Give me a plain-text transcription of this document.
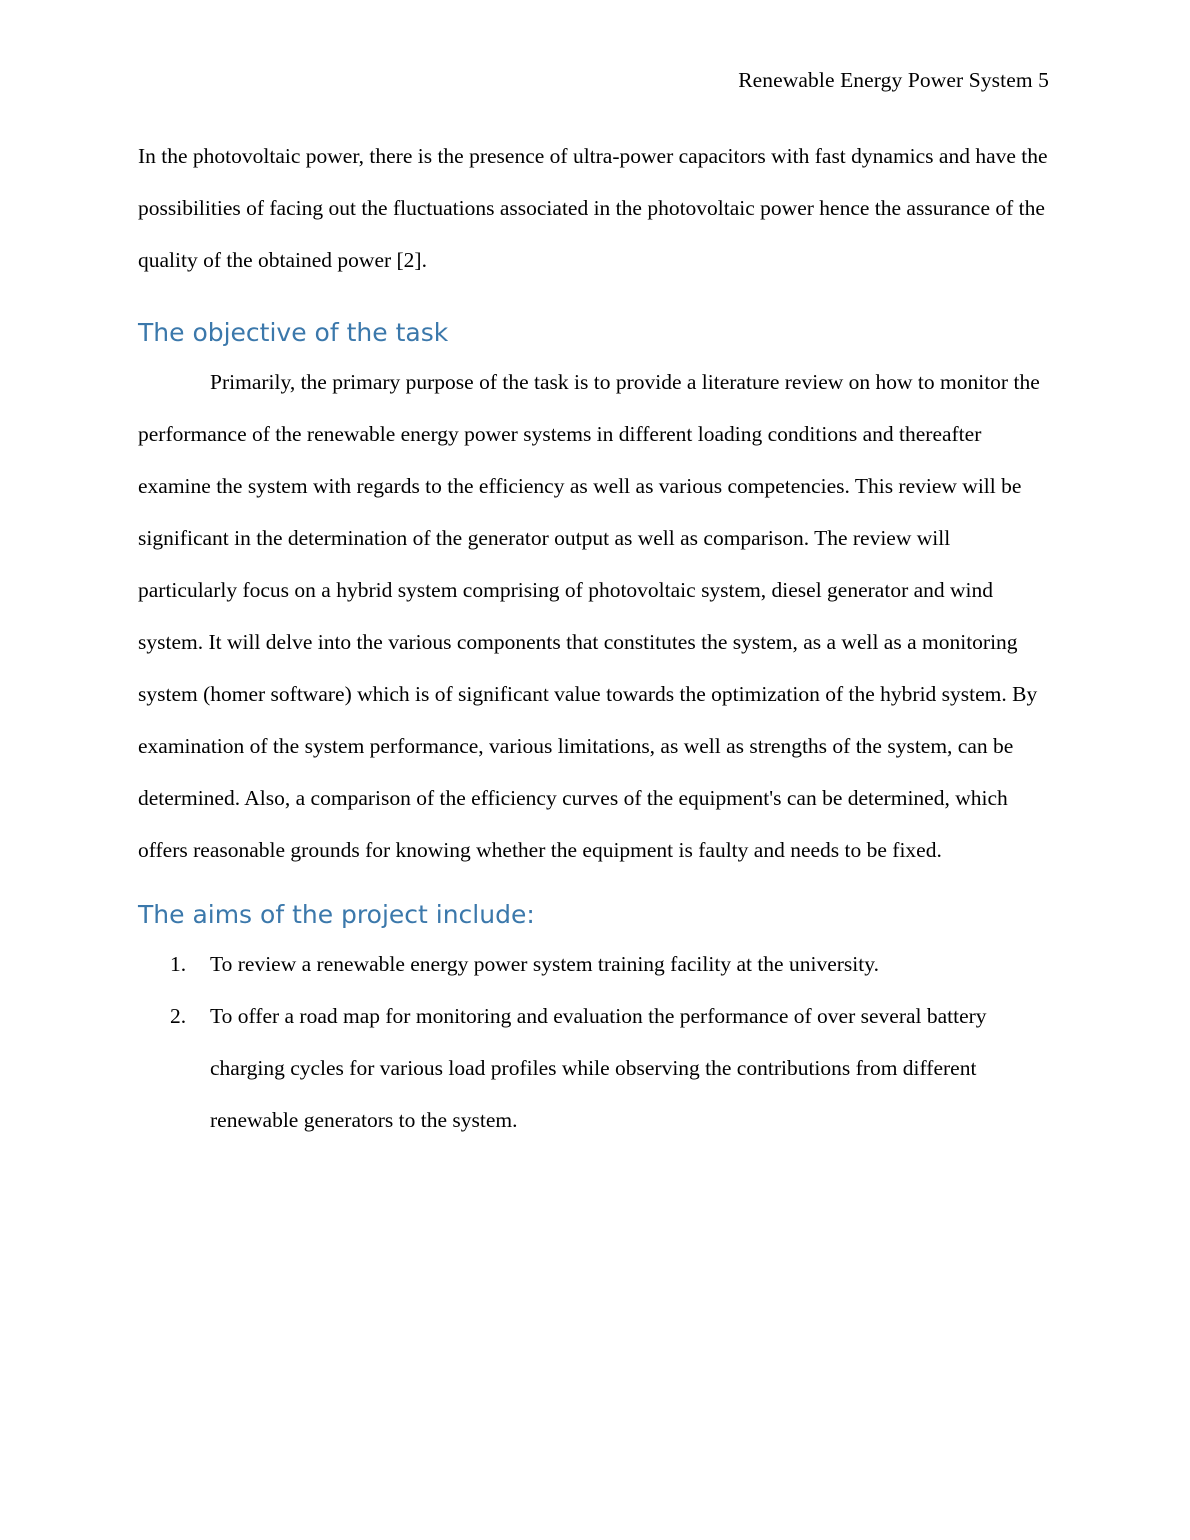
Renewable Energy Power System 5

In the photovoltaic power, there is the presence of ultra-power capacitors with fast dynamics and have the possibilities of facing out the fluctuations associated in the photovoltaic power hence the assurance of the quality of the obtained power [2].

The objective of the task

Primarily, the primary purpose of the task is to provide a literature review on how to monitor the performance of the renewable energy power systems in different loading conditions and thereafter examine the system with regards to the efficiency as well as various competencies. This review will be significant in the determination of the generator output as well as comparison. The review will particularly focus on a hybrid system comprising of photovoltaic system, diesel generator and wind system. It will delve into the various components that constitutes the system, as a well as a monitoring system (homer software) which is of significant value towards the optimization of the hybrid system. By examination of the system performance, various limitations, as well as strengths of the system, can be determined. Also, a comparison of the efficiency curves of the equipment's can be determined, which offers reasonable grounds for knowing whether the equipment is faulty and needs to be fixed.

The aims of the project include:
1. To review a renewable energy power system training facility at the university.
2. To offer a road map for monitoring and evaluation the performance of over several battery charging cycles for various load profiles while observing the contributions from different renewable generators to the system.
